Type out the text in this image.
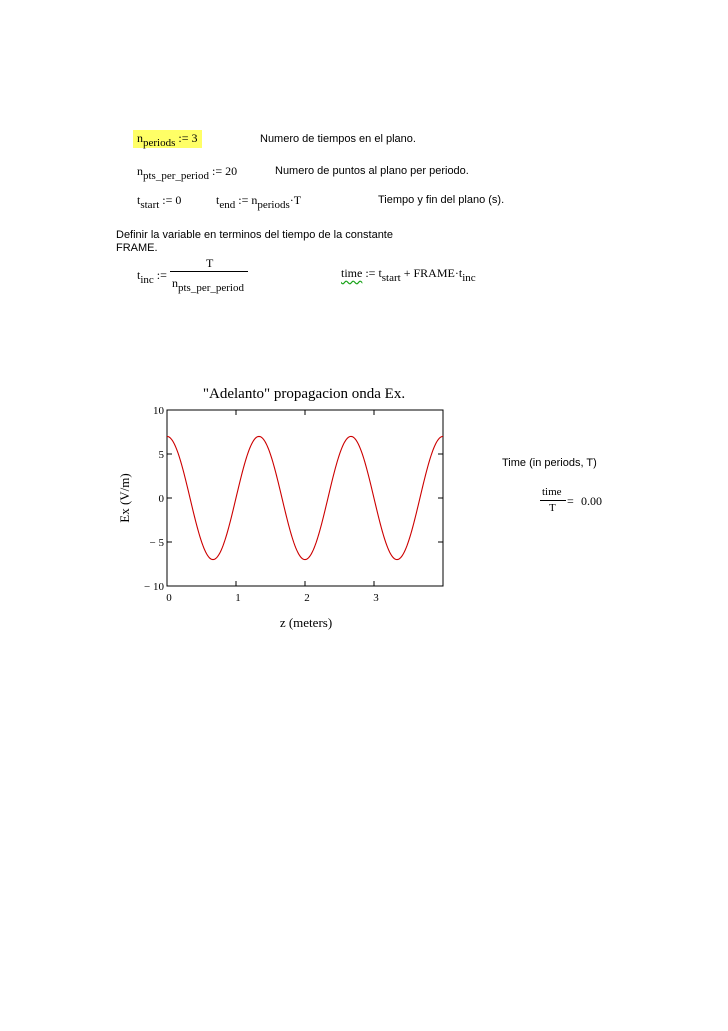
nperiods := 3	Numero de tiempos en el plano.
npts_per_period := 20	Numero de puntos al plano per periodo.
tstart := 0	tend := nperiods·T	Tiempo y fin del plano (s).
Definir la variable en terminos del tiempo de la constante
FRAME.
tinc :=
T
npts_per_period
time := tstart + FRAME·tinc
"Adelanto" propagacion onda Ex.
Ex (V/m)
z (meters)
10
5
0
− 5
− 10
0	1	2	3
Time (in periods, T)
time
T = 0.00
